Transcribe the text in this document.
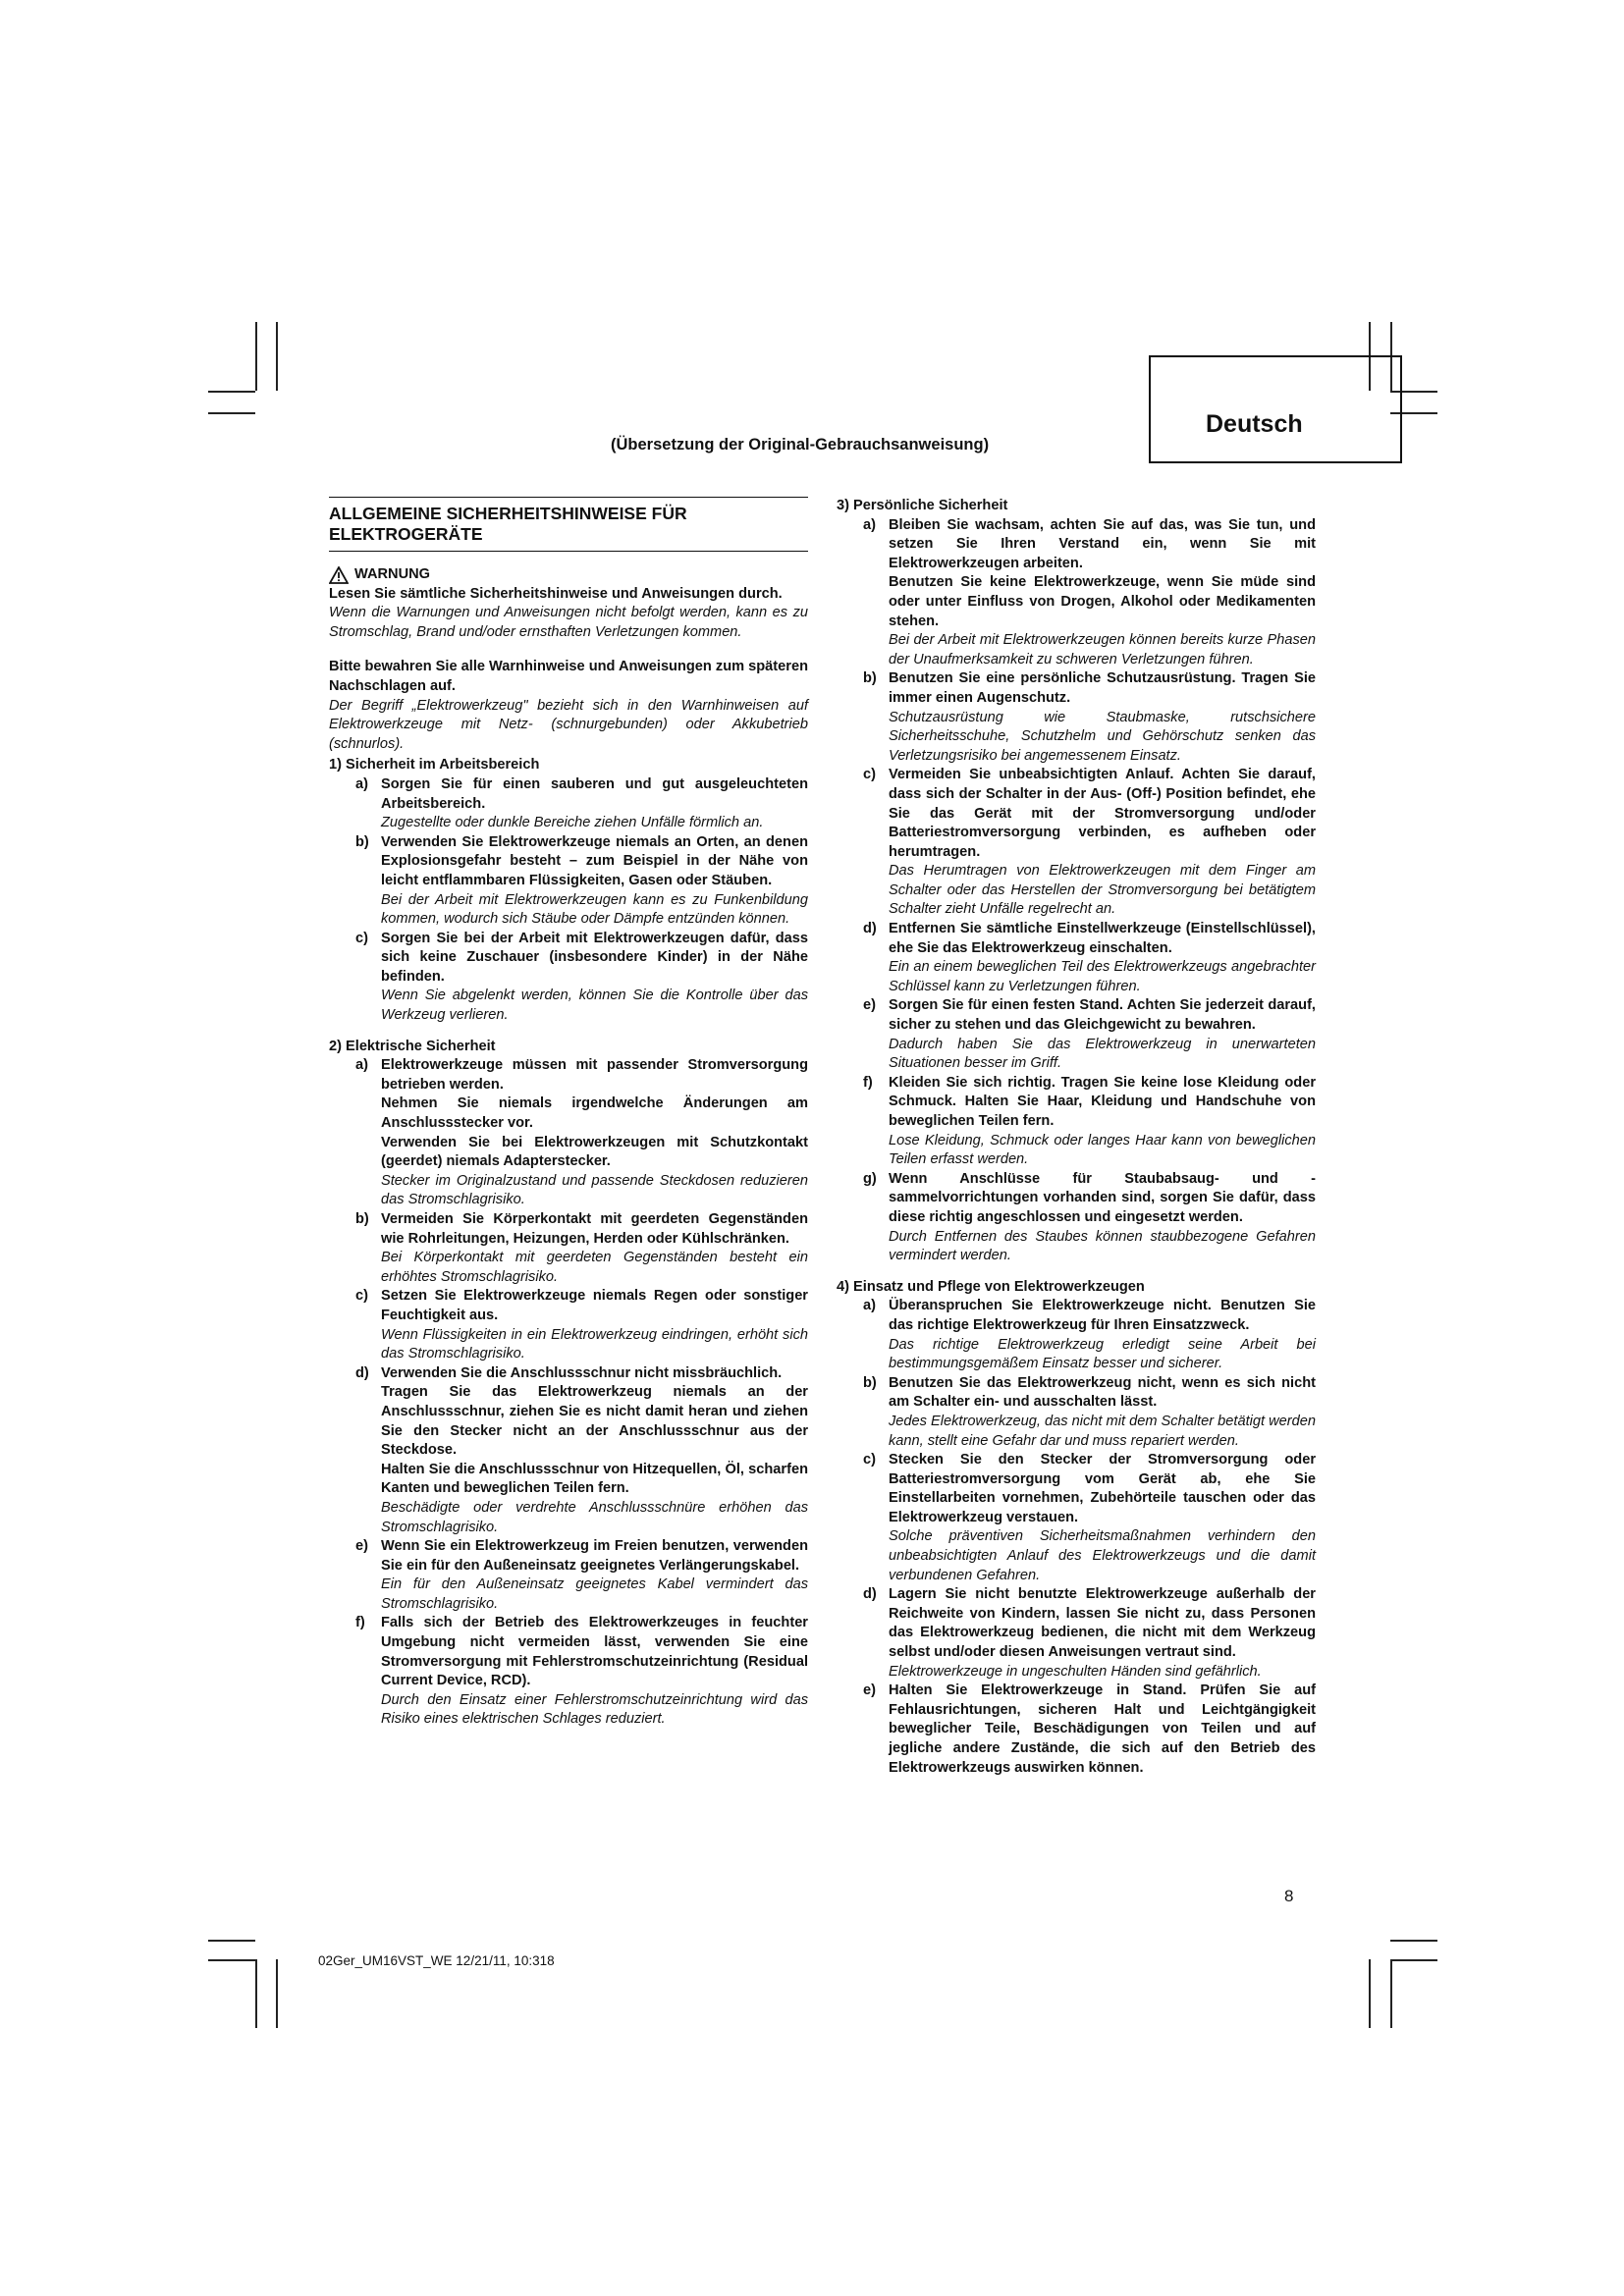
Deutsch
(Übersetzung der Original-Gebrauchsanweisung)
ALLGEMEINE SICHERHEITSHINWEISE FÜR
ELEKTROGERÄTE
WARNUNG
Lesen Sie sämtliche Sicherheitshinweise und Anweisungen durch.
Wenn die Warnungen und Anweisungen nicht befolgt werden, kann es zu Stromschlag, Brand und/oder ernsthaften Verletzungen kommen.
Bitte bewahren Sie alle Warnhinweise und Anweisungen zum späteren Nachschlagen auf.
Der Begriff „Elektrowerkzeug" bezieht sich in den Warnhinweisen auf Elektrowerkzeuge mit Netz- (schnurgebunden) oder Akkubetrieb (schnurlos).
1) Sicherheit im Arbeitsbereich
a) Sorgen Sie für einen sauberen und gut ausgeleuchteten Arbeitsbereich.

Zugestellte oder dunkle Bereiche ziehen Unfälle förmlich an.

b) Verwenden Sie Elektrowerkzeuge niemals an Orten, an denen Explosionsgefahr besteht – zum Beispiel in der Nähe von leicht entflammbaren Flüssigkeiten, Gasen oder Stäuben.

Bei der Arbeit mit Elektrowerkzeugen kann es zu Funkenbildung kommen, wodurch sich Stäube oder Dämpfe entzünden können.

c) Sorgen Sie bei der Arbeit mit Elektrowerkzeugen dafür, dass sich keine Zuschauer (insbesondere Kinder) in der Nähe befinden.

Wenn Sie abgelenkt werden, können Sie die Kontrolle über das Werkzeug verlieren.

2) Elektrische Sicherheit
a) Elektrowerkzeuge müssen mit passender Stromversorgung betrieben werden.

Nehmen Sie niemals irgendwelche Änderungen am Anschlussstecker vor.

Verwenden Sie bei Elektrowerkzeugen mit Schutzkontakt (geerdet) niemals Adapterstecker.

Stecker im Originalzustand und passende Steckdosen reduzieren das Stromschlagrisiko.

b) Vermeiden Sie Körperkontakt mit geerdeten Gegenständen wie Rohrleitungen, Heizungen, Herden oder Kühlschränken.

Bei Körperkontakt mit geerdeten Gegenständen besteht ein erhöhtes Stromschlagrisiko.

c) Setzen Sie Elektrowerkzeuge niemals Regen oder sonstiger Feuchtigkeit aus.

Wenn Flüssigkeiten in ein Elektrowerkzeug eindringen, erhöht sich das Stromschlagrisiko.

d) Verwenden Sie die Anschlussschnur nicht missbräuchlich.

Tragen Sie das Elektrowerkzeug niemals an der Anschlussschnur, ziehen Sie es nicht damit heran und ziehen Sie den Stecker nicht an der Anschlussschnur aus der Steckdose.

Halten Sie die Anschlussschnur von Hitzequellen, Öl, scharfen Kanten und beweglichen Teilen fern.

Beschädigte oder verdrehte Anschlussschnüre erhöhen das Stromschlagrisiko.

e) Wenn Sie ein Elektrowerkzeug im Freien benutzen, verwenden Sie ein für den Außeneinsatz geeignetes Verlängerungskabel.

Ein für den Außeneinsatz geeignetes Kabel vermindert das Stromschlagrisiko.

f) Falls sich der Betrieb des Elektrowerkzeuges in feuchter Umgebung nicht vermeiden lässt, verwenden Sie eine Stromversorgung mit Fehlerstromschutzeinrichtung (Residual Current Device, RCD).

Durch den Einsatz einer Fehlerstromschutzeinrichtung wird das Risiko eines elektrischen Schlages reduziert.

3) Persönliche Sicherheit
a) Bleiben Sie wachsam, achten Sie auf das, was Sie tun, und setzen Sie Ihren Verstand ein, wenn Sie mit Elektrowerkzeugen arbeiten.

Benutzen Sie keine Elektrowerkzeuge, wenn Sie müde sind oder unter Einfluss von Drogen, Alkohol oder Medikamenten stehen.

Bei der Arbeit mit Elektrowerkzeugen können bereits kurze Phasen der Unaufmerksamkeit zu schweren Verletzungen führen.

b) Benutzen Sie eine persönliche Schutzausrüstung. Tragen Sie immer einen Augenschutz.

Schutzausrüstung wie Staubmaske, rutschsichere Sicherheitsschuhe, Schutzhelm und Gehörschutz senken das Verletzungsrisiko bei angemessenem Einsatz.

c) Vermeiden Sie unbeabsichtigten Anlauf. Achten Sie darauf, dass sich der Schalter in der Aus- (Off-) Position befindet, ehe Sie das Gerät mit der Stromversorgung und/oder Batteriestromversorgung verbinden, es aufheben oder herumtragen.

Das Herumtragen von Elektrowerkzeugen mit dem Finger am Schalter oder das Herstellen der Stromversorgung bei betätigtem Schalter zieht Unfälle regelrecht an.

d) Entfernen Sie sämtliche Einstellwerkzeuge (Einstellschlüssel), ehe Sie das Elektrowerkzeug einschalten.

Ein an einem beweglichen Teil des Elektrowerkzeugs angebrachter Schlüssel kann zu Verletzungen führen.

e) Sorgen Sie für einen festen Stand. Achten Sie jederzeit darauf, sicher zu stehen und das Gleichgewicht zu bewahren.

Dadurch haben Sie das Elektrowerkzeug in unerwarteten Situationen besser im Griff.

f) Kleiden Sie sich richtig. Tragen Sie keine lose Kleidung oder Schmuck. Halten Sie Haar, Kleidung und Handschuhe von beweglichen Teilen fern.

Lose Kleidung, Schmuck oder langes Haar kann von beweglichen Teilen erfasst werden.

g) Wenn Anschlüsse für Staubabsaug- und -sammelvorrichtungen vorhanden sind, sorgen Sie dafür, dass diese richtig angeschlossen und eingesetzt werden.

Durch Entfernen des Staubes können staubbezogene Gefahren vermindert werden.

4) Einsatz und Pflege von Elektrowerkzeugen
a) Überanspruchen Sie Elektrowerkzeuge nicht. Benutzen Sie das richtige Elektrowerkzeug für Ihren Einsatzzweck.

Das richtige Elektrowerkzeug erledigt seine Arbeit bei bestimmungsgemäßem Einsatz besser und sicherer.

b) Benutzen Sie das Elektrowerkzeug nicht, wenn es sich nicht am Schalter ein- und ausschalten lässt.

Jedes Elektrowerkzeug, das nicht mit dem Schalter betätigt werden kann, stellt eine Gefahr dar und muss repariert werden.

c) Stecken Sie den Stecker der Stromversorgung oder Batteriestromversorgung vom Gerät ab, ehe Sie Einstellarbeiten vornehmen, Zubehörteile tauschen oder das Elektrowerkzeug verstauen.

Solche präventiven Sicherheitsmaßnahmen verhindern den unbeabsichtigten Anlauf des Elektrowerkzeugs und die damit verbundenen Gefahren.

d) Lagern Sie nicht benutzte Elektrowerkzeuge außerhalb der Reichweite von Kindern, lassen Sie nicht zu, dass Personen das Elektrowerkzeug bedienen, die nicht mit dem Werkzeug selbst und/oder diesen Anweisungen vertraut sind.

Elektrowerkzeuge in ungeschulten Händen sind gefährlich.

e) Halten Sie Elektrowerkzeuge in Stand. Prüfen Sie auf Fehlausrichtungen, sicheren Halt und Leichtgängigkeit beweglicher Teile, Beschädigungen von Teilen und auf jegliche andere Zustände, die sich auf den Betrieb des Elektrowerkzeugs auswirken können.

8
02Ger_UM16VST_WE 12/21/11, 10:318
